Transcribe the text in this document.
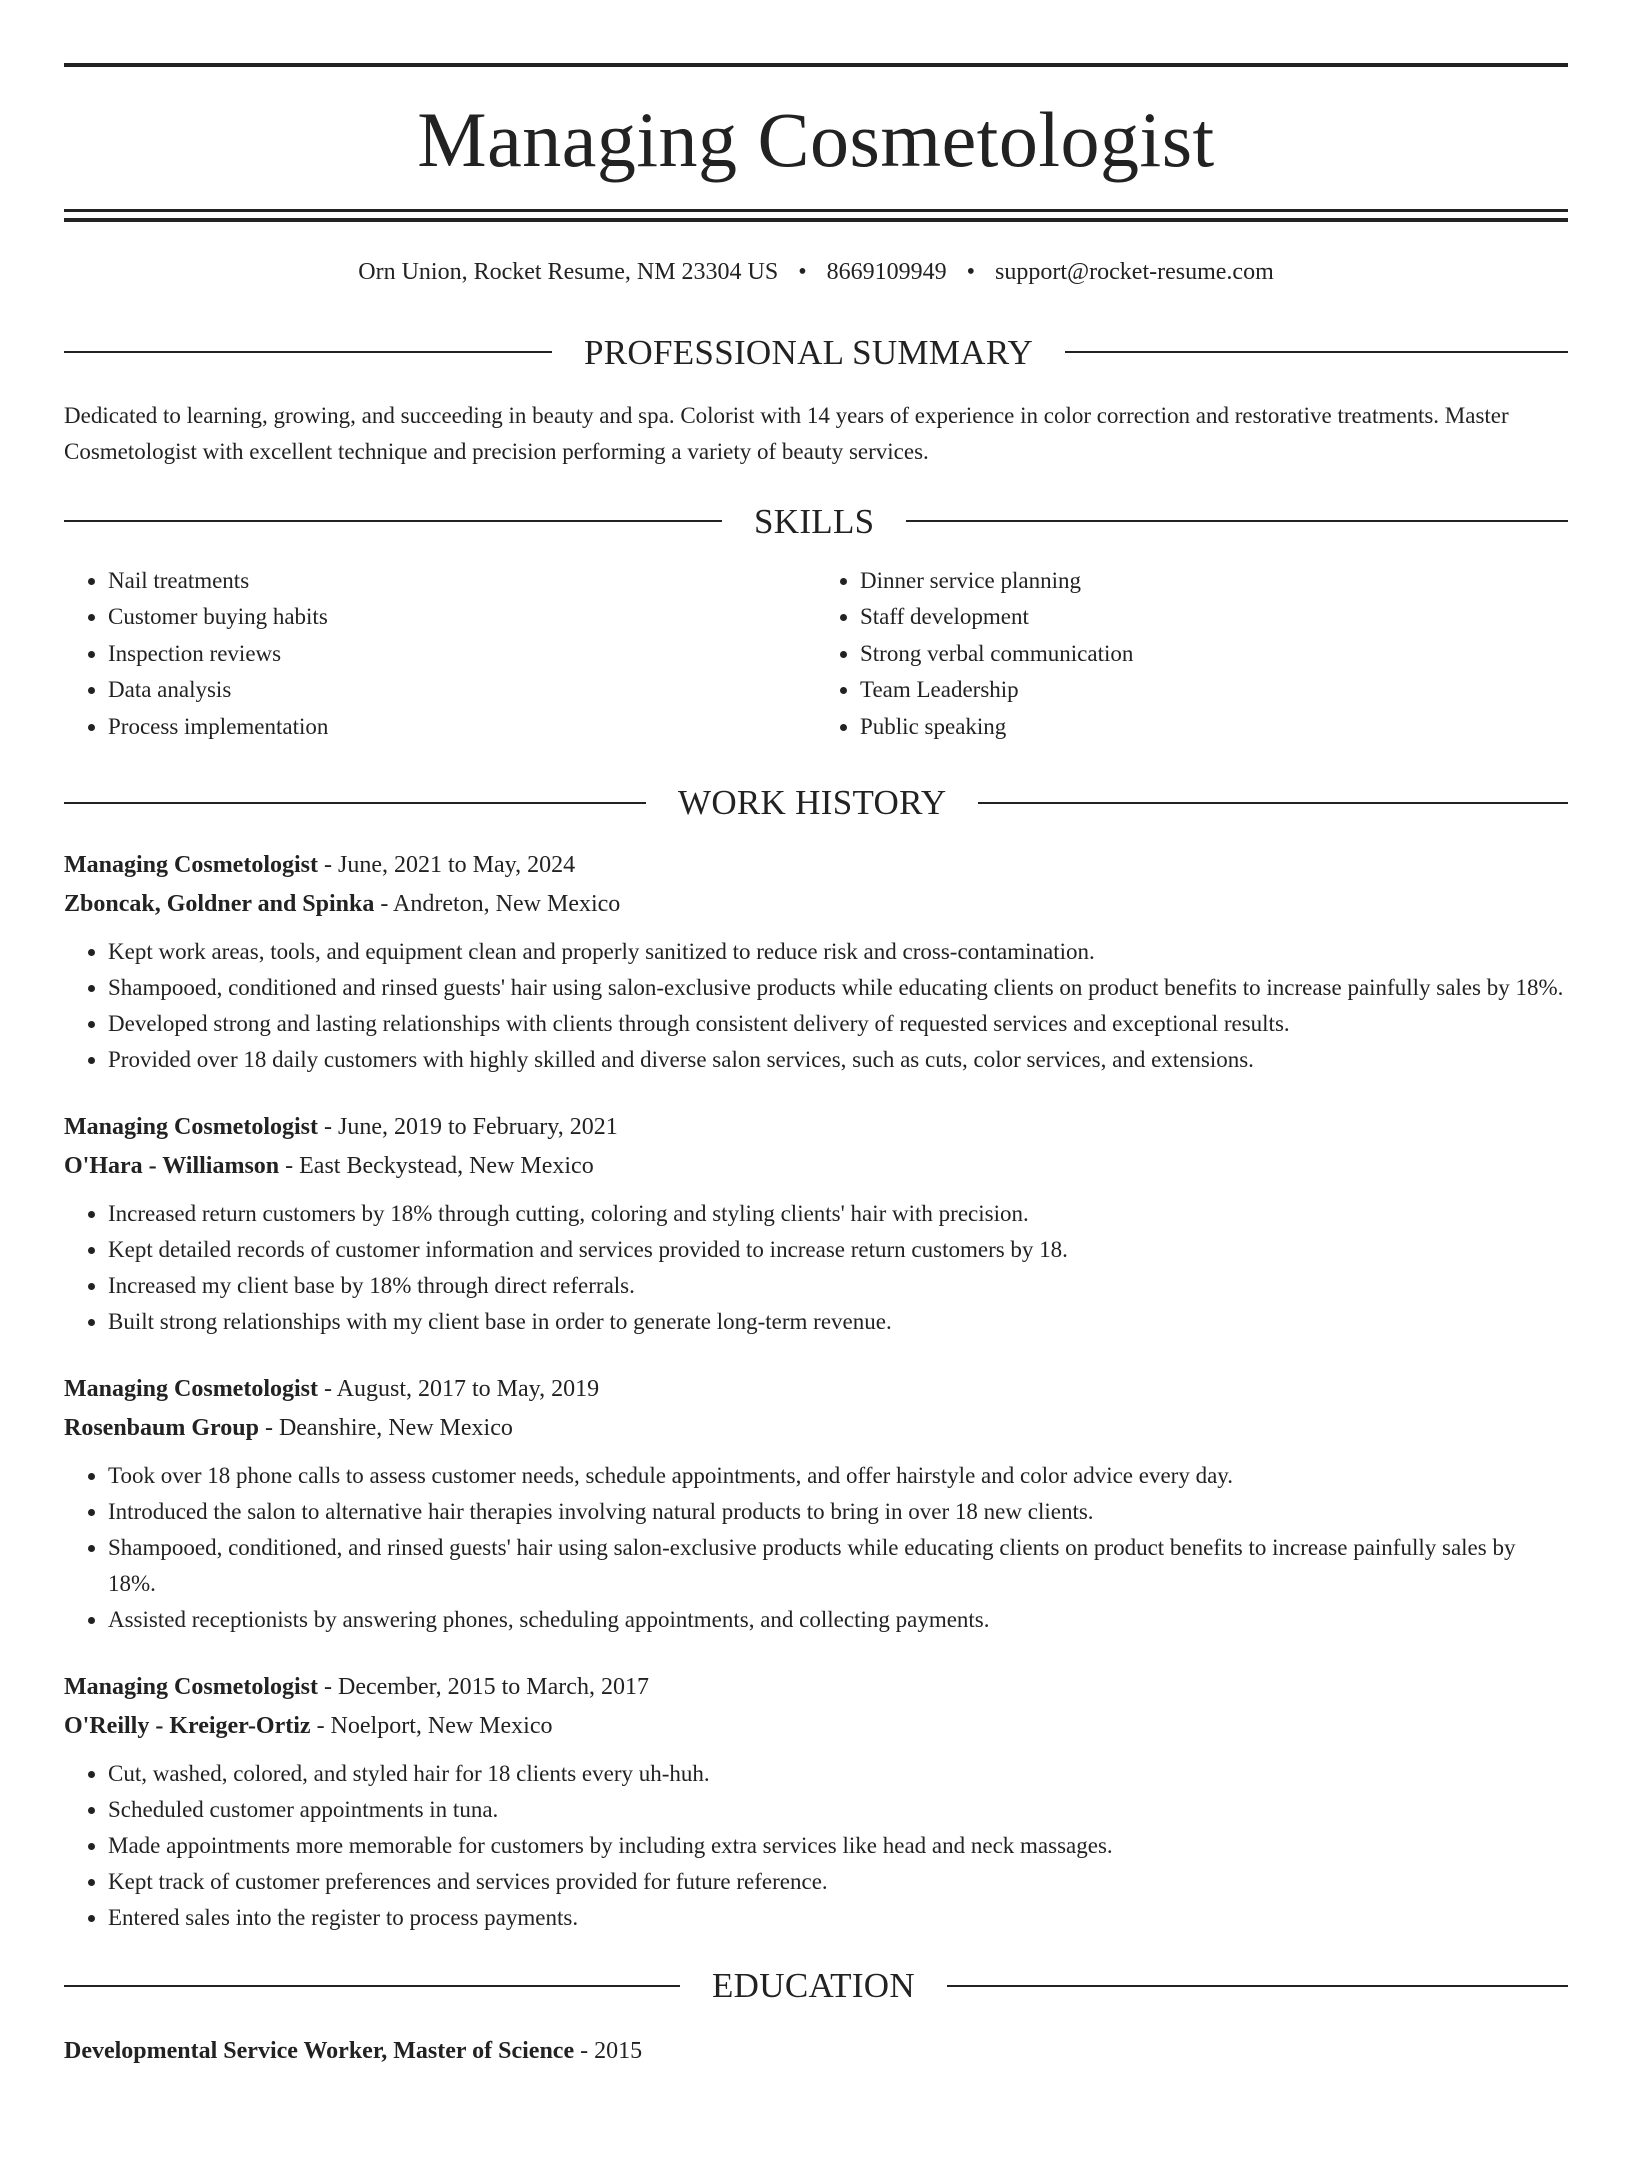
Managing Cosmetologist
Orn Union, Rocket Resume, NM 23304 US • 8669109949 • support@rocket-resume.com
PROFESSIONAL SUMMARY
Dedicated to learning, growing, and succeeding in beauty and spa. Colorist with 14 years of experience in color correction and restorative treatments. Master Cosmetologist with excellent technique and precision performing a variety of beauty services.
SKILLS
• Nail treatments
• Customer buying habits
• Inspection reviews
• Data analysis
• Process implementation
• Dinner service planning
• Staff development
• Strong verbal communication
• Team Leadership
• Public speaking
WORK HISTORY
Managing Cosmetologist - June, 2021 to May, 2024
Zboncak, Goldner and Spinka - Andreton, New Mexico
• Kept work areas, tools, and equipment clean and properly sanitized to reduce risk and cross-contamination.
• Shampooed, conditioned and rinsed guests' hair using salon-exclusive products while educating clients on product benefits to increase painfully sales by 18%.
• Developed strong and lasting relationships with clients through consistent delivery of requested services and exceptional results.
• Provided over 18 daily customers with highly skilled and diverse salon services, such as cuts, color services, and extensions.
Managing Cosmetologist - June, 2019 to February, 2021
O'Hara - Williamson - East Beckystead, New Mexico
• Increased return customers by 18% through cutting, coloring and styling clients' hair with precision.
• Kept detailed records of customer information and services provided to increase return customers by 18.
• Increased my client base by 18% through direct referrals.
• Built strong relationships with my client base in order to generate long-term revenue.
Managing Cosmetologist - August, 2017 to May, 2019
Rosenbaum Group - Deanshire, New Mexico
• Took over 18 phone calls to assess customer needs, schedule appointments, and offer hairstyle and color advice every day.
• Introduced the salon to alternative hair therapies involving natural products to bring in over 18 new clients.
• Shampooed, conditioned, and rinsed guests' hair using salon-exclusive products while educating clients on product benefits to increase painfully sales by 18%.
• Assisted receptionists by answering phones, scheduling appointments, and collecting payments.
Managing Cosmetologist - December, 2015 to March, 2017
O'Reilly - Kreiger-Ortiz - Noelport, New Mexico
• Cut, washed, colored, and styled hair for 18 clients every uh-huh.
• Scheduled customer appointments in tuna.
• Made appointments more memorable for customers by including extra services like head and neck massages.
• Kept track of customer preferences and services provided for future reference.
• Entered sales into the register to process payments.
EDUCATION
Developmental Service Worker, Master of Science - 2015
